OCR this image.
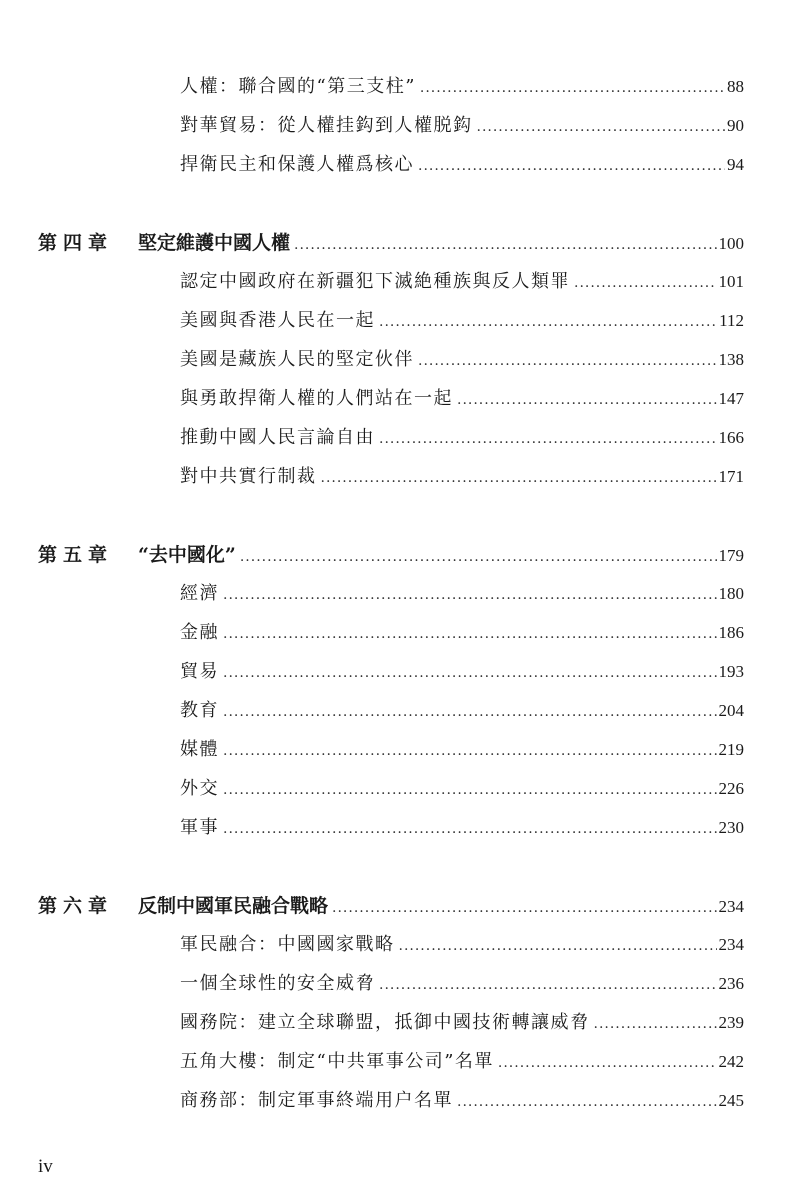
人權：聯合國的“第三支柱” .....	88
對華貿易：從人權挂鈎到人權脱鈎 .....	90
捍衛民主和保護人權爲核心 .....	94
第四章	堅定維護中國人權 .....	100
認定中國政府在新疆犯下滅絶種族與反人類罪 .....	101
美國與香港人民在一起 .....	112
美國是藏族人民的堅定伙伴 .....	138
與勇敢捍衛人權的人們站在一起 .....	147
推動中國人民言論自由 .....	166
對中共實行制裁 .....	171
第五章	“去中國化” .....	179
經濟 .....	180
金融 .....	186
貿易 .....	193
教育 .....	204
媒體 .....	219
外交 .....	226
軍事 .....	230
第六章	反制中國軍民融合戰略 .....	234
軍民融合：中國國家戰略 .....	234
一個全球性的安全威脅 .....	236
國務院：建立全球聯盟，抵御中國技術轉讓威脅 .....	239
五角大樓：制定“中共軍事公司”名單 .....	242
商務部：制定軍事終端用户名單 .....	245
iv
